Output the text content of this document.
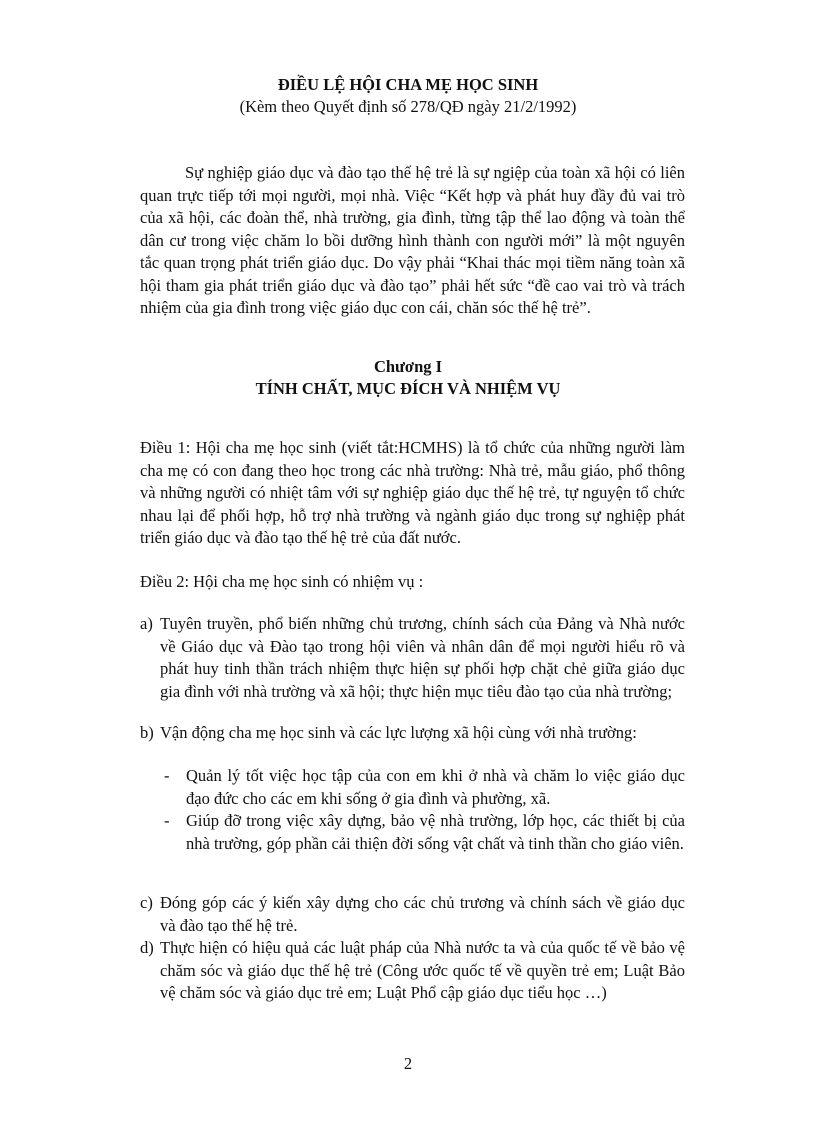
ĐIỀU LỆ HỘI CHA MẸ HỌC SINH
(Kèm theo Quyết định số 278/QĐ ngày 21/2/1992)
Sự nghiệp giáo dục và đào tạo thế hệ trẻ là sự ngiệp của toàn xã hội có liên quan trực tiếp tới mọi người, mọi nhà. Việc “Kết hợp và phát huy đầy đủ vai trò của xã hội, các đoàn thể, nhà trường, gia đình, từng tập thể lao động và toàn thể dân cư trong việc chăm lo bồi dưỡng hình thành con người mới” là một nguyên tắc quan trọng phát triển giáo dục. Do vậy phải “Khai thác mọi tiềm năng toàn xã hội tham gia phát triển giáo dục và đào tạo” phải hết sức “đề cao vai trò và trách nhiệm của gia đình trong việc giáo dục con cái, chăn sóc thế hệ trẻ”.
Chương I
TÍNH CHẤT, MỤC ĐÍCH VÀ NHIỆM VỤ
Điều 1: Hội cha mẹ học sinh (viết tắt:HCMHS) là tổ chức của những người làm cha mẹ có con đang theo học trong các nhà trường: Nhà trẻ, mẫu giáo, phổ thông và những người có nhiệt tâm với sự nghiệp giáo dục thế hệ trẻ, tự nguyện tổ chức nhau lại để phối hợp, hỗ trợ nhà trường và ngành giáo dục trong sự nghiệp phát triển giáo dục và đào tạo thế hệ trẻ của đất nước.
Điều 2: Hội cha mẹ học sinh có nhiệm vụ :
a) Tuyên truyền, phổ biến những chủ trương, chính sách của Đảng và Nhà nước về Giáo dục và Đào tạo trong hội viên và nhân dân để mọi người hiểu rõ và phát huy tinh thần trách nhiệm thực hiện sự phối hợp chặt chẻ giữa giáo dục gia đình với nhà trường và xã hội; thực hiện mục tiêu đào tạo của nhà trường;
b) Vận động cha mẹ học sinh và các lực lượng xã hội cùng với nhà trường:
- Quản lý tốt việc học tập của con em khi ở nhà và chăm lo việc giáo dục đạo đức cho các em khi sống ở gia đình và phường, xã.
- Giúp đỡ trong việc xây dựng, bảo vệ nhà trường, lớp học, các thiết bị của nhà trường, góp phần cải thiện đời sống vật chất và tinh thần cho giáo viên.
c) Đóng góp các ý kiến xây dựng cho các chủ trương và chính sách về giáo dục và đào tạo thế hệ trẻ.
d) Thực hiện có hiệu quả các luật pháp của Nhà nước ta và của quốc tế về bảo vệ chăm sóc và giáo dục thế hệ trẻ (Công ước quốc tế về quyền trẻ em; Luật Bảo vệ chăm sóc và giáo dục trẻ em; Luật Phổ cập giáo dục tiểu học …)
2
